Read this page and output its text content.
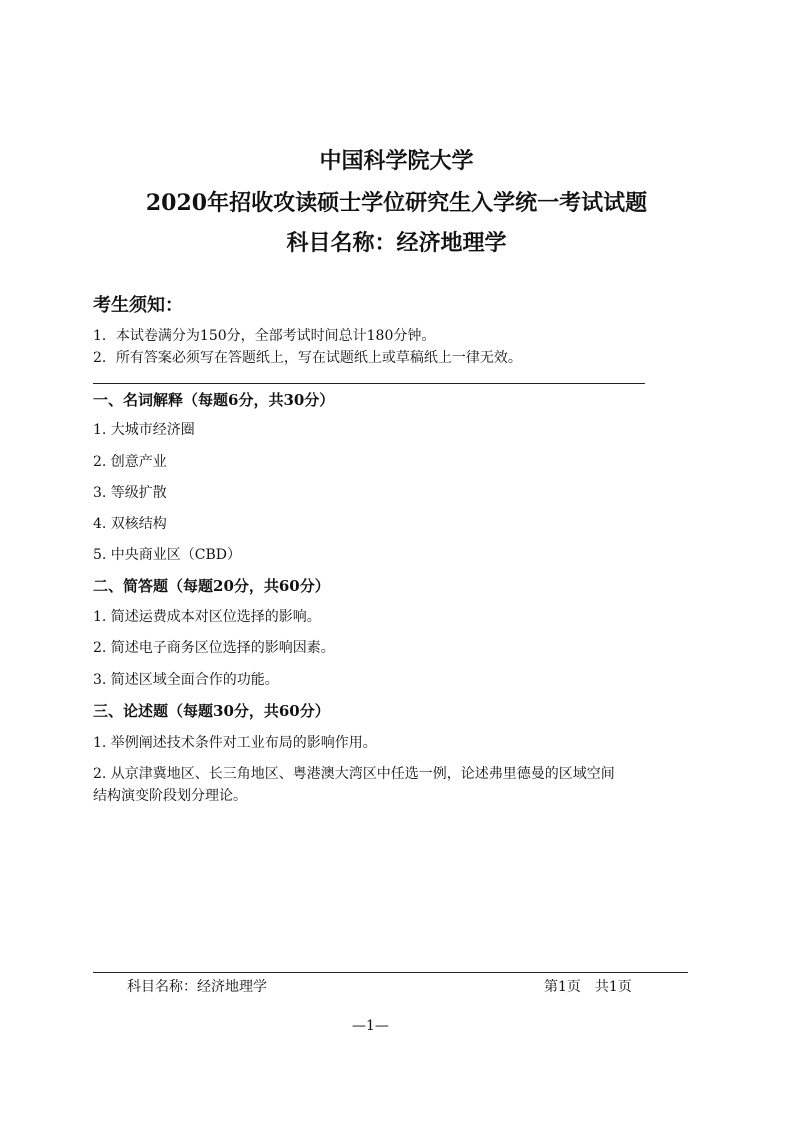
中国科学院大学
2020年招收攻读硕士学位研究生入学统一考试试题
科目名称：经济地理学
考生须知：
1．本试卷满分为150分，全部考试时间总计180分钟。
2．所有答案必须写在答题纸上，写在试题纸上或草稿纸上一律无效。
一、名词解释（每题6分，共30分）
1. 大城市经济圈
2. 创意产业
3. 等级扩散
4. 双核结构
5. 中央商业区（CBD）
二、简答题（每题20分，共60分）
1. 简述运费成本对区位选择的影响。
2. 简述电子商务区位选择的影响因素。
3. 简述区域全面合作的功能。
三、论述题（每题30分，共60分）
1. 举例阐述技术条件对工业布局的影响作用。
2. 从京津冀地区、长三角地区、粤港澳大湾区中任选一例，论述弗里德曼的区域空间
结构演变阶段划分理论。
科目名称：经济地理学	第1页　共1页
—1—
